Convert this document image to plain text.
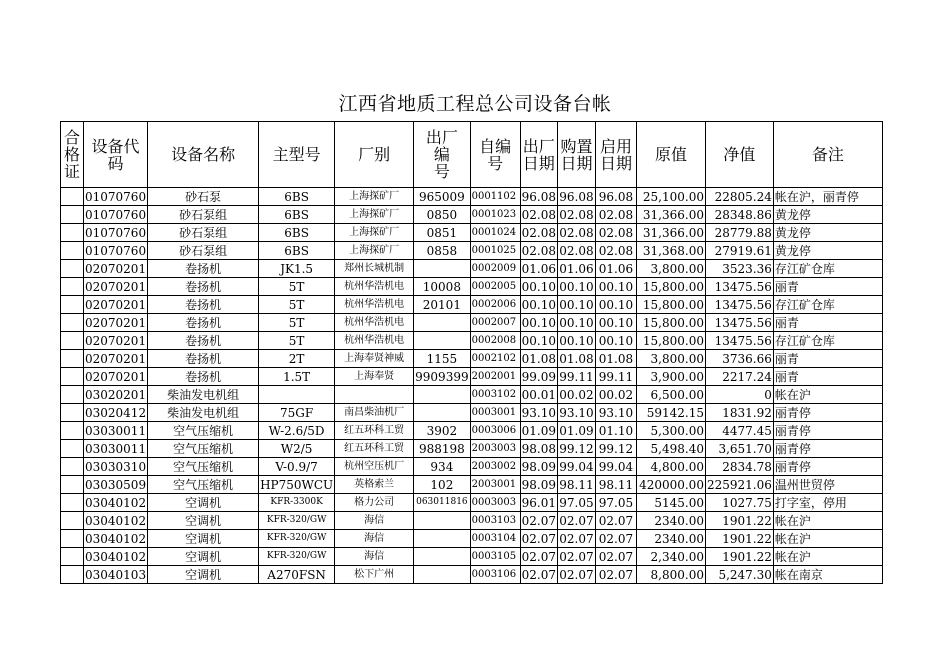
江西省地质工程总公司设备台帐
合
格
证	设备代
码	设备名称	主型号	厂别	出厂
编
号	自编
号	出厂
日期	购置
日期	启用
日期	原值	净值	备注
	01070760	砂石泵	6BS	上海探矿厂	965009	0001102	96.08	96.08	96.08	25,100.00	22805.24	帐在沪，丽青停
	01070760	砂石泵组	6BS	上海探矿厂	0850	0001023	02.08	02.08	02.08	31,366.00	28348.86	黄龙停
	01070760	砂石泵组	6BS	上海探矿厂	0851	0001024	02.08	02.08	02.08	31,366.00	28779.88	黄龙停
	01070760	砂石泵组	6BS	上海探矿厂	0858	0001025	02.08	02.08	02.08	31,368.00	27919.61	黄龙停
	02070201	卷扬机	JK1.5	郑州长城机制		0002009	01.06	01.06	01.06	3,800.00	3523.36	存江矿仓库
	02070201	卷扬机	5T	杭州华浩机电	10008	0002005	00.10	00.10	00.10	15,800.00	13475.56	丽青
	02070201	卷扬机	5T	杭州华浩机电	20101	0002006	00.10	00.10	00.10	15,800.00	13475.56	存江矿仓库
	02070201	卷扬机	5T	杭州华浩机电		0002007	00.10	00.10	00.10	15,800.00	13475.56	丽青
	02070201	卷扬机	5T	杭州华浩机电		0002008	00.10	00.10	00.10	15,800.00	13475.56	存江矿仓库
	02070201	卷扬机	2T	上海奉贤神威	1155	0002102	01.08	01.08	01.08	3,800.00	3736.66	丽青
	02070201	卷扬机	1.5T	上海奉贤	9909399	2002001	99.09	99.11	99.11	3,900.00	2217.24	丽青
	03020201	柴油发电机组				0003102	00.01	00.02	00.02	6,500.00	0	帐在沪
	03020412	柴油发电机组	75GF	南昌柴油机厂		0003001	93.10	93.10	93.10	59142.15	1831.92	丽青停
	03030011	空气压缩机	W-2.6/5D	红五环科工贸	3902	0003006	01.09	01.09	01.10	5,300.00	4477.45	丽青停
	03030011	空气压缩机	W2/5	红五环科工贸	988198	2003003	98.08	99.12	99.12	5,498.40	3,651.70	丽青停
	03030310	空气压缩机	V-0.9/7	杭州空压机厂	934	2003002	98.09	99.04	99.04	4,800.00	2834.78	丽青停
	03030509	空气压缩机	HP750WCU	英格索兰	102	2003001	98.09	98.11	98.11	420000.00	225921.06	温州世贸停
	03040102	空调机	KFR-3300K	格力公司	063011816	0003003	96.01	97.05	97.05	5145.00	1027.75	打字室，停用
	03040102	空调机	KFR-320/GW	海信		0003103	02.07	02.07	02.07	2340.00	1901.22	帐在沪
	03040102	空调机	KFR-320/GW	海信		0003104	02.07	02.07	02.07	2340.00	1901.22	帐在沪
	03040102	空调机	KFR-320/GW	海信		0003105	02.07	02.07	02.07	2,340.00	1901.22	帐在沪
	03040103	空调机	A270FSN	松下广州		0003106	02.07	02.07	02.07	8,800.00	5,247.30	帐在南京
